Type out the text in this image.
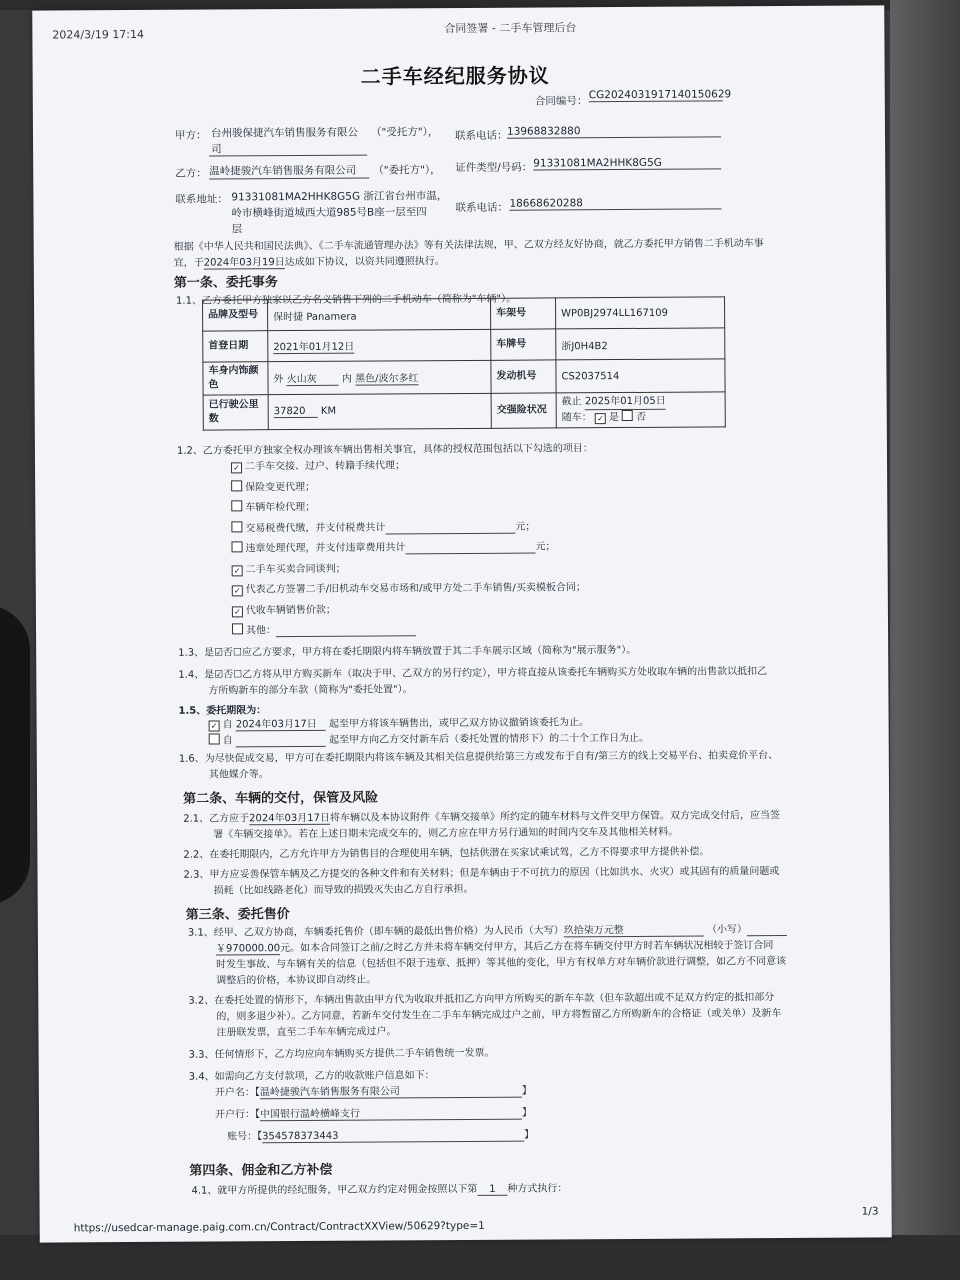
2024/3/19 17:14	合同签署 - 二手车管理后台
二手车经纪服务协议
合同编号：
CG2024031917140150629
甲方： 台州骏保捷汽车销售服务有限公
司
（"受托方"）， 联系电话： 13968832880
乙方： 温岭捷骏汽车销售服务有限公司	（"委托方"）， 证件类型/号码： 91331081MA2HHK8G5G
联系地址： 91331081MA2HHK8G5G 浙江省台州市温，
岭市横峰街道城西大道985号B座一层至四
层
联系电话： 18668620288
根据《中华人民共和国民法典》、《二手车流通管理办法》等有关法律法规，甲、乙双方经友好协商，就乙方委托甲方销售二手机动车事
宜，于2024年03月19日达成如下协议，以资共同遵照执行。
第一条、委托事务
1.1、乙方委托甲方独家以乙方名义销售下列的二手机动车（简称为"车辆"）。
品牌及型号	保时捷 Panamera	车架号	WP0BJ2974LL167109
首登日期	2021年01月12日	车牌号	浙J0H4B2
车身内饰颜色	外 火山灰 内 黑色/波尔多红	发动机号	CS2037514
已行驶公里数	37820 KM	交强险状况	截止 2025年01月05日
随车： ✓ 是 否
1.2、乙方委托甲方独家全权办理该车辆出售相关事宜，具体的授权范围包括以下勾选的项目：
✓ 二手车交接、过户、转籍手续代理；
保险变更代理；
车辆年检代理；
交易税费代缴，并支付税费共计	元；
违章处理代理，并支付违章费用共计	元；
✓ 二手车买卖合同谈判；
✓ 代表乙方签署二手/旧机动车交易市场和/或甲方处二手车销售/买卖模板合同；
✓ 代收车辆销售价款；
其他：
1.3、是☑否☐应乙方要求，甲方将在委托期限内将车辆放置于其二手车展示区域（简称为"展示服务"）。
1.4、是☑否☐乙方将从甲方购买新车（取决于甲、乙双方的另行约定），甲方将直接从该委托车辆购买方处收取车辆的出售款以抵扣乙
方所购新车的部分车款（简称为"委托处置"）。
1.5、委托期限为：
✓ 自 2024年03月17日 起至甲方将该车辆售出，或甲乙双方协议撤销该委托为止。
自	起至甲方向乙方交付新车后（委托处置的情形下）的二十个工作日为止。
1.6、为尽快促成交易，甲方可在委托期限内将该车辆及其相关信息提供给第三方或发布于自有/第三方的线上交易平台、拍卖竞价平台、
其他媒介等。
第二条、车辆的交付，保管及风险
2.1、乙方应于2024年03月17日将车辆以及本协议附件《车辆交接单》所约定的随车材料与文件交甲方保管。双方完成交付后，应当签
署《车辆交接单》。若在上述日期未完成交车的，则乙方应在甲方另行通知的时间内交车及其他相关材料。
2.2、在委托期限内，乙方允许甲方为销售目的合理使用车辆，包括供潜在买家试乘试驾，乙方不得要求甲方提供补偿。
2.3、甲方应妥善保管车辆及乙方提交的各种文件和有关材料；但是车辆由于不可抗力的原因（比如洪水、火灾）或其固有的质量问题或
损耗（比如线路老化）而导致的损毁灭失由乙方自行承担。
第三条、委托售价
3.1、经甲、乙双方协商，车辆委托售价（即车辆的最低出售价格）为人民币（大写）玖拾柒万元整	（小写）
￥970000.00元。如本合同签订之前/之时乙方并未将车辆交付甲方，其后乙方在将车辆交付甲方时若车辆状况相较于签订合同
时发生事故、与车辆有关的信息（包括但不限于违章、抵押）等其他的变化，甲方有权单方对车辆价款进行调整，如乙方不同意该
调整后的价格，本协议即自动终止。
3.2、在委托处置的情形下，车辆出售款由甲方代为收取并抵扣乙方向甲方所购买的新车车款（但车款超出或不足双方约定的抵扣部分
的，则多退少补）。乙方同意，若新车交付发生在二手车车辆完成过户之前，甲方将暂留乙方所购新车的合格证（或关单）及新车
注册联发票，直至二手车车辆完成过户。
3.3、任何情形下，乙方均应向车辆购买方提供二手车销售统一发票。
3.4、如需向乙方支付款项，乙方的收款账户信息如下：
开户名：【温岭捷骏汽车销售服务有限公司	】
开户行：【中国银行温岭横峰支行	】
账号：【354578373443	】
第四条、佣金和乙方补偿
4.1、就甲方所提供的经纪服务，甲乙双方约定对佣金按照以下第 1 种方式执行：
https://usedcar-manage.paig.com.cn/Contract/ContractXXView/50629?type=1
1/3
